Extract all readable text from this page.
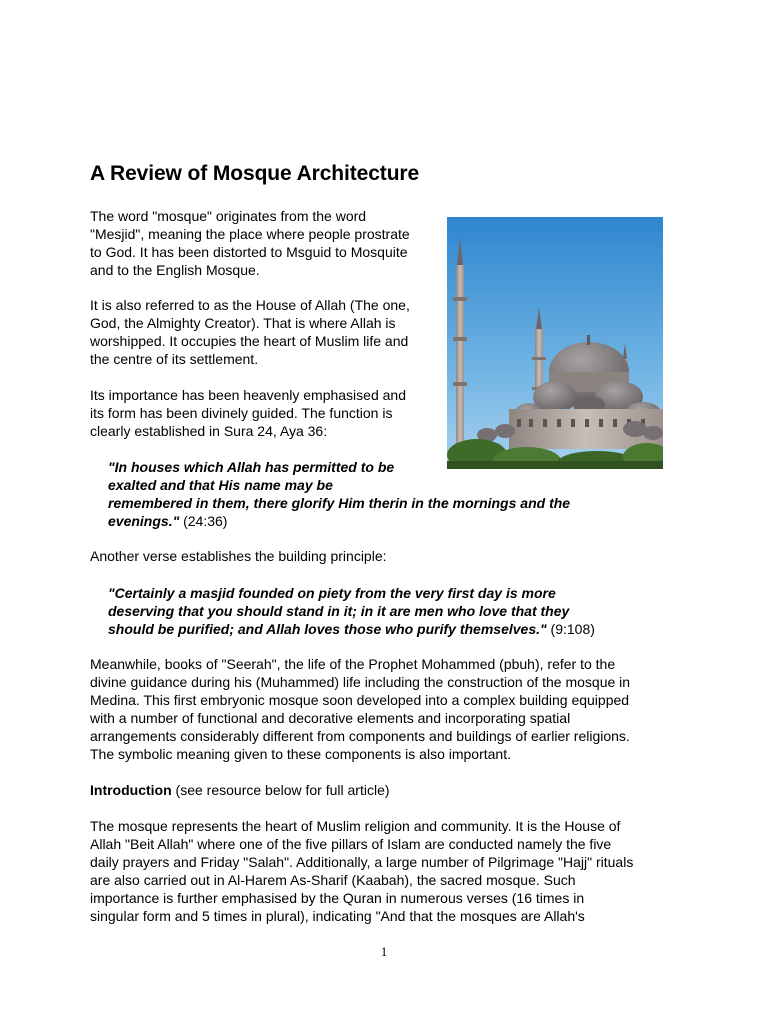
A Review of Mosque Architecture
The word "mosque" originates from the word
"Mesjid", meaning the place where people prostrate
to God. It has been distorted to Msguid to Mosquite
and to the English Mosque.
It is also referred to as the House of Allah (The one,
God, the Almighty Creator). That is where Allah is
worshipped. It occupies the heart of Muslim life and
the centre of its settlement.
Its importance has been heavenly emphasised and
its form has been divinely guided. The function is
clearly established in Sura 24, Aya 36:
"In houses which Allah has permitted to be
exalted and that His name may be
remembered in them, there glorify Him therin in the mornings and the
evenings." (24:36)
Another verse establishes the building principle:
"Certainly a masjid founded on piety from the very first day is more
deserving that you should stand in it; in it are men who love that they
should be purified; and Allah loves those who purify themselves." (9:108)
Meanwhile, books of "Seerah", the life of the Prophet Mohammed (pbuh), refer to the
divine guidance during his (Muhammed) life including the construction of the mosque in
Medina. This first embryonic mosque soon developed into a complex building equipped
with a number of functional and decorative elements and incorporating spatial
arrangements considerably different from components and buildings of earlier religions.
The symbolic meaning given to these components is also important.
Introduction (see resource below for full article)
The mosque represents the heart of Muslim religion and community. It is the House of
Allah "Beit Allah" where one of the five pillars of Islam are conducted namely the five
daily prayers and Friday "Salah". Additionally, a large number of Pilgrimage "Hajj" rituals
are also carried out in Al-Harem As-Sharif (Kaabah), the sacred mosque. Such
importance is further emphasised by the Quran in numerous verses (16 times in
singular form and 5 times in plural), indicating "And that the mosques are Allah's
1
